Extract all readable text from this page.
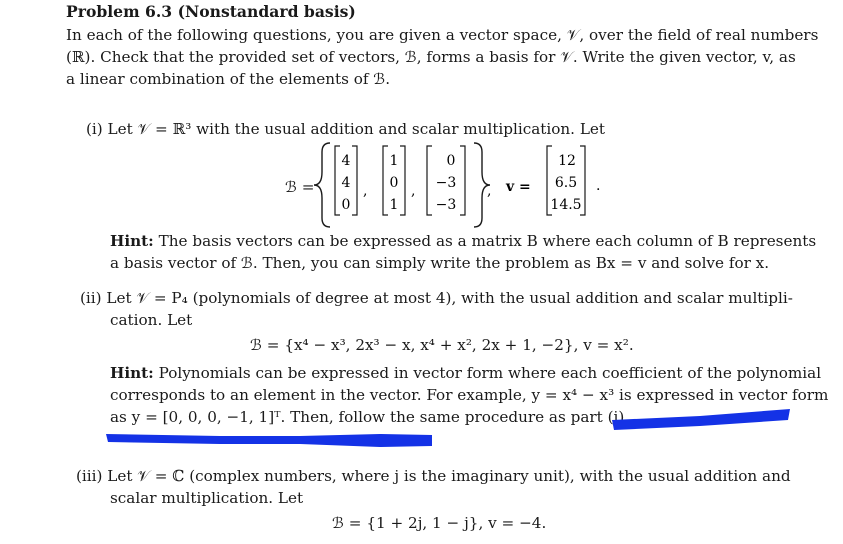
Problem 6.3 (Nonstandard basis)
In each of the following questions, you are given a vector space, 𝒱, over the field of real numbers
(ℝ). Check that the provided set of vectors, ℬ, forms a basis for 𝒱. Write the given vector, v, as
a linear combination of the elements of ℬ.
(i) Let 𝒱 = ℝ³ with the usual addition and scalar multiplication. Let
ℬ =
4
4
0
,
1
0
1
,
0
−3
−3
, v =
12
6.5
14.5
.
Hint: The basis vectors can be expressed as a matrix B where each column of B represents
a basis vector of ℬ. Then, you can simply write the problem as Bx = v and solve for x.
(ii) Let 𝒱 = P₄ (polynomials of degree at most 4), with the usual addition and scalar multipli-
cation. Let
ℬ = {x⁴ − x³, 2x³ − x, x⁴ + x², 2x + 1, −2}, v = x².
Hint: Polynomials can be expressed in vector form where each coefficient of the polynomial
corresponds to an element in the vector. For example, y = x⁴ − x³ is expressed in vector form
as y = [0, 0, 0, −1, 1]ᵀ. Then, follow the same procedure as part (i).
(iii) Let 𝒱 = ℂ (complex numbers, where j is the imaginary unit), with the usual addition and
scalar multiplication. Let
ℬ = {1 + 2j, 1 − j}, v = −4.
